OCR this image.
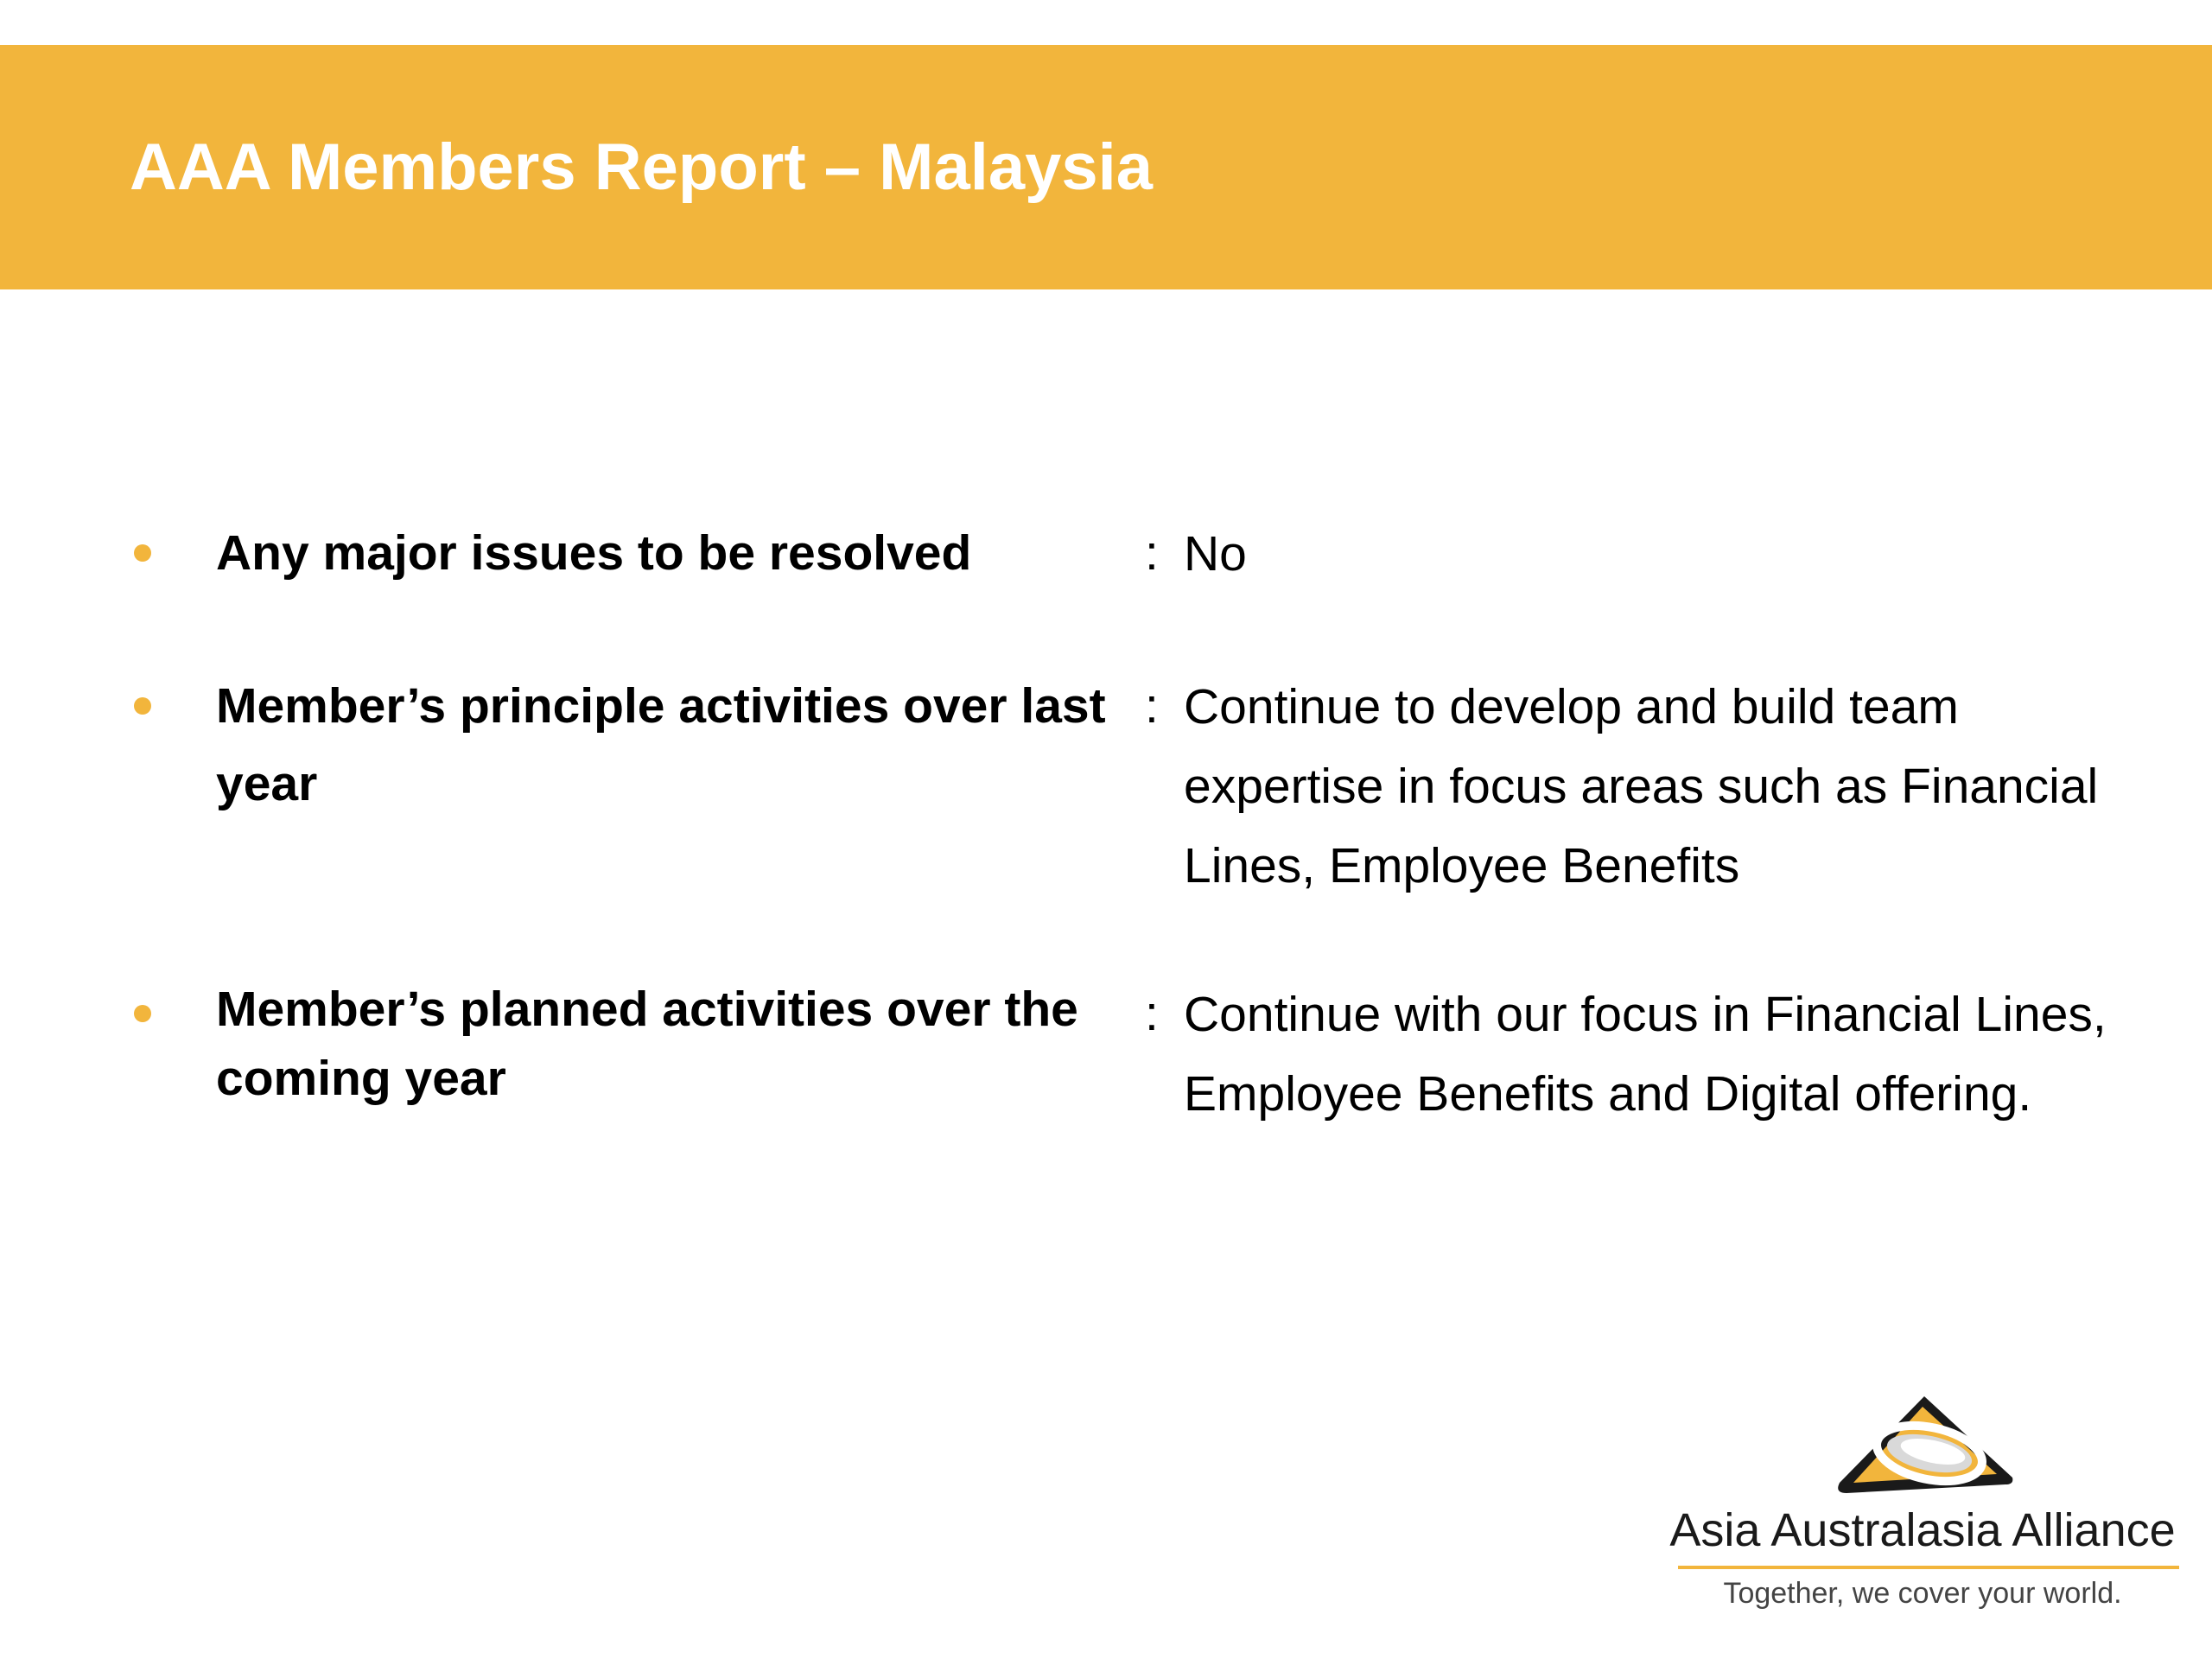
AAA Members Report – Malaysia
Any major issues to be resolved	: No
Member’s principle activities over last year
: Continue to develop and build team expertise in focus areas such as Financial Lines, Employee Benefits
Member’s planned activities over the coming year
: Continue with our focus in Financial Lines, Employee Benefits and Digital offering.
Asia Australasia Alliance
Together, we cover your world.
